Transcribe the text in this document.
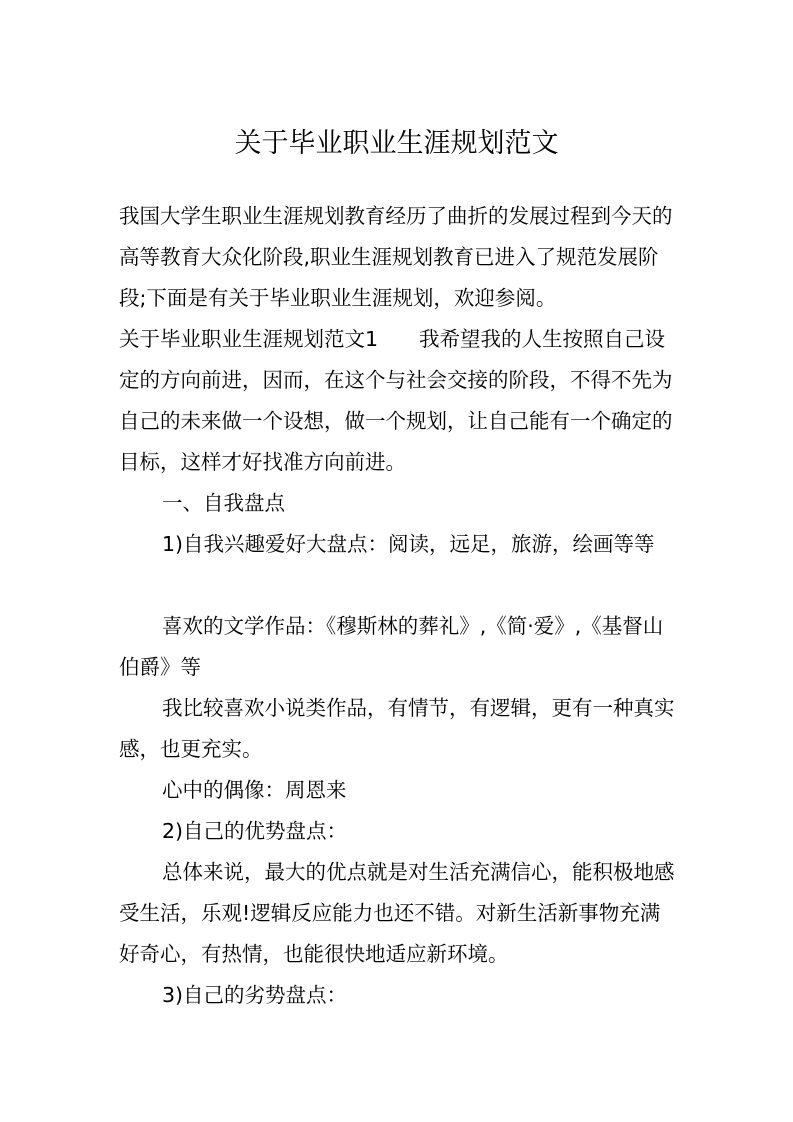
关于毕业职业生涯规划范文

我国大学生职业生涯规划教育经历了曲折的发展过程到今天的高等教育大众化阶段,职业生涯规划教育已进入了规范发展阶段;下面是有关于毕业职业生涯规划，欢迎参阅。

关于毕业职业生涯规划范文1　　我希望我的人生按照自己设定的方向前进，因而，在这个与社会交接的阶段，不得不先为自己的未来做一个设想，做一个规划，让自己能有一个确定的目标，这样才好找准方向前进。

一、自我盘点

1)自我兴趣爱好大盘点：阅读，远足，旅游，绘画等等

喜欢的文学作品：《穆斯林的葬礼》,《简·爱》,《基督山伯爵》等

我比较喜欢小说类作品，有情节，有逻辑，更有一种真实感，也更充实。

心中的偶像：周恩来

2)自己的优势盘点：

总体来说，最大的优点就是对生活充满信心，能积极地感受生活，乐观!逻辑反应能力也还不错。对新生活新事物充满好奇心，有热情，也能很快地适应新环境。

3)自己的劣势盘点：
